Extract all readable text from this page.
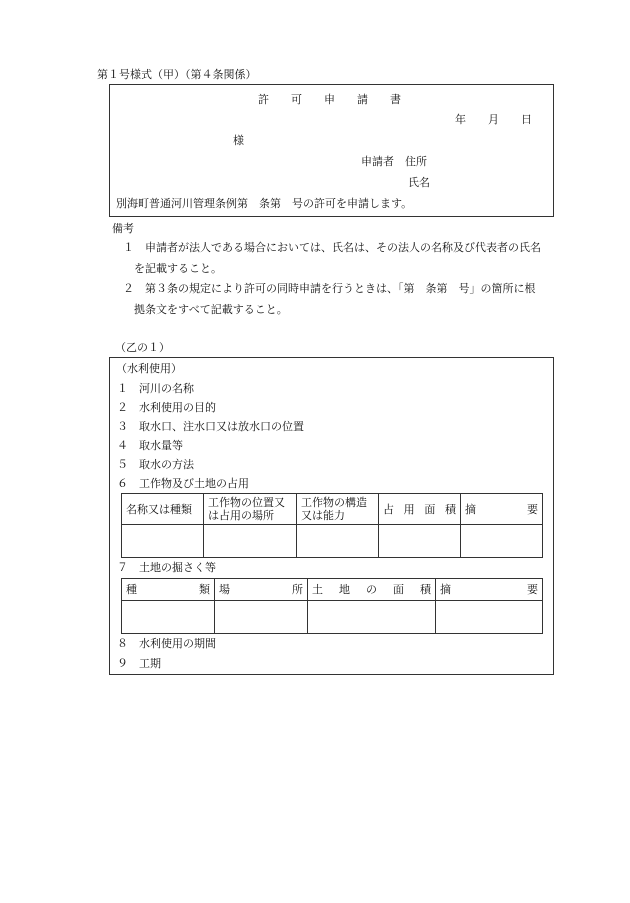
第１号様式（甲）（第４条関係）
許　　可　　申　　請　　書
年　　月　　日
様
申請者　住所
氏名
別海町普通河川管理条例第　条第　号の許可を申請します。
備考
１　申請者が法人である場合においては、氏名は、その法人の名称及び代表者の氏名
を記載すること。
２　第３条の規定により許可の同時申請を行うときは、「第　条第　号」の箇所に根
拠条文をすべて記載すること。
（乙の１）
（水利使用）
１　河川の名称
２　水利使用の目的
３　取水口、注水口又は放水口の位置
４　取水量等
５　取水の方法
６　工作物及び土地の占用
名称又は種類	工作物の位置又は占用の場所	工作物の構造又は能力	占 用 面 積	摘 要

７　土地の掘さく等
種 類	場 所	土 地 の 面 積	摘 要

８　水利使用の期間
９　工期
